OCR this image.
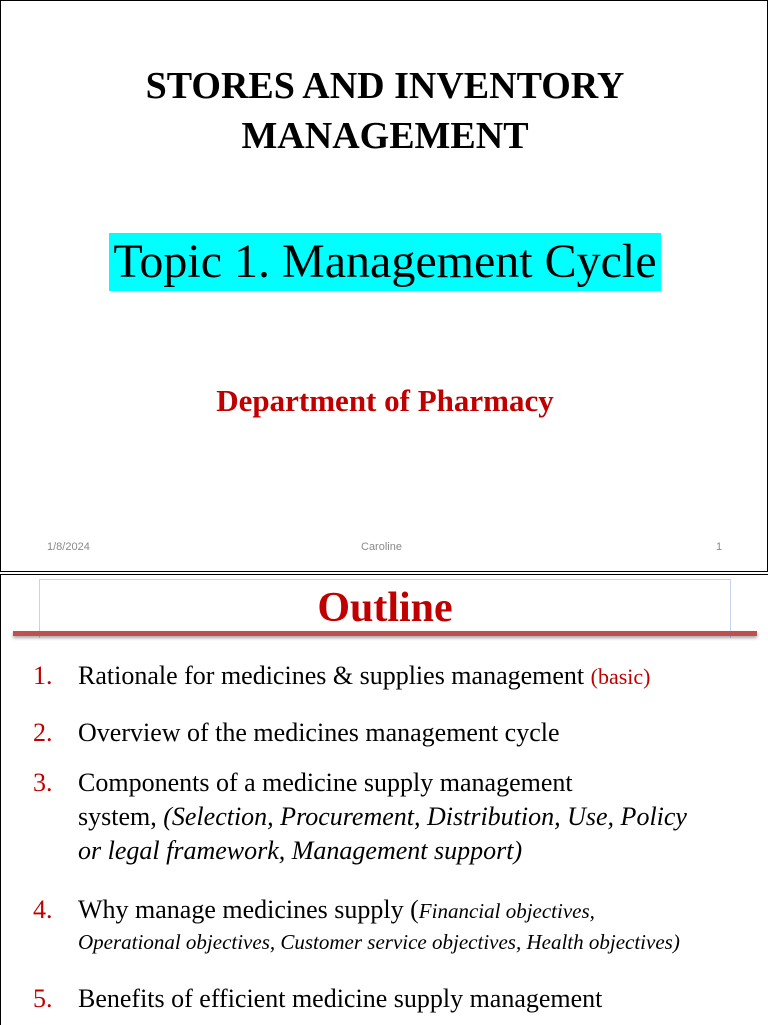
STORES AND INVENTORY
MANAGEMENT
Topic 1. Management Cycle
Department of Pharmacy
1/8/2024	Caroline	1
Outline
1. Rationale for medicines & supplies management (basic)
2. Overview of the medicines management cycle
3. Components of a medicine supply management
system, (Selection, Procurement, Distribution, Use, Policy
or legal framework, Management support)
4. Why manage medicines supply (Financial objectives,
Operational objectives, Customer service objectives, Health objectives)
5. Benefits of efficient medicine supply management
